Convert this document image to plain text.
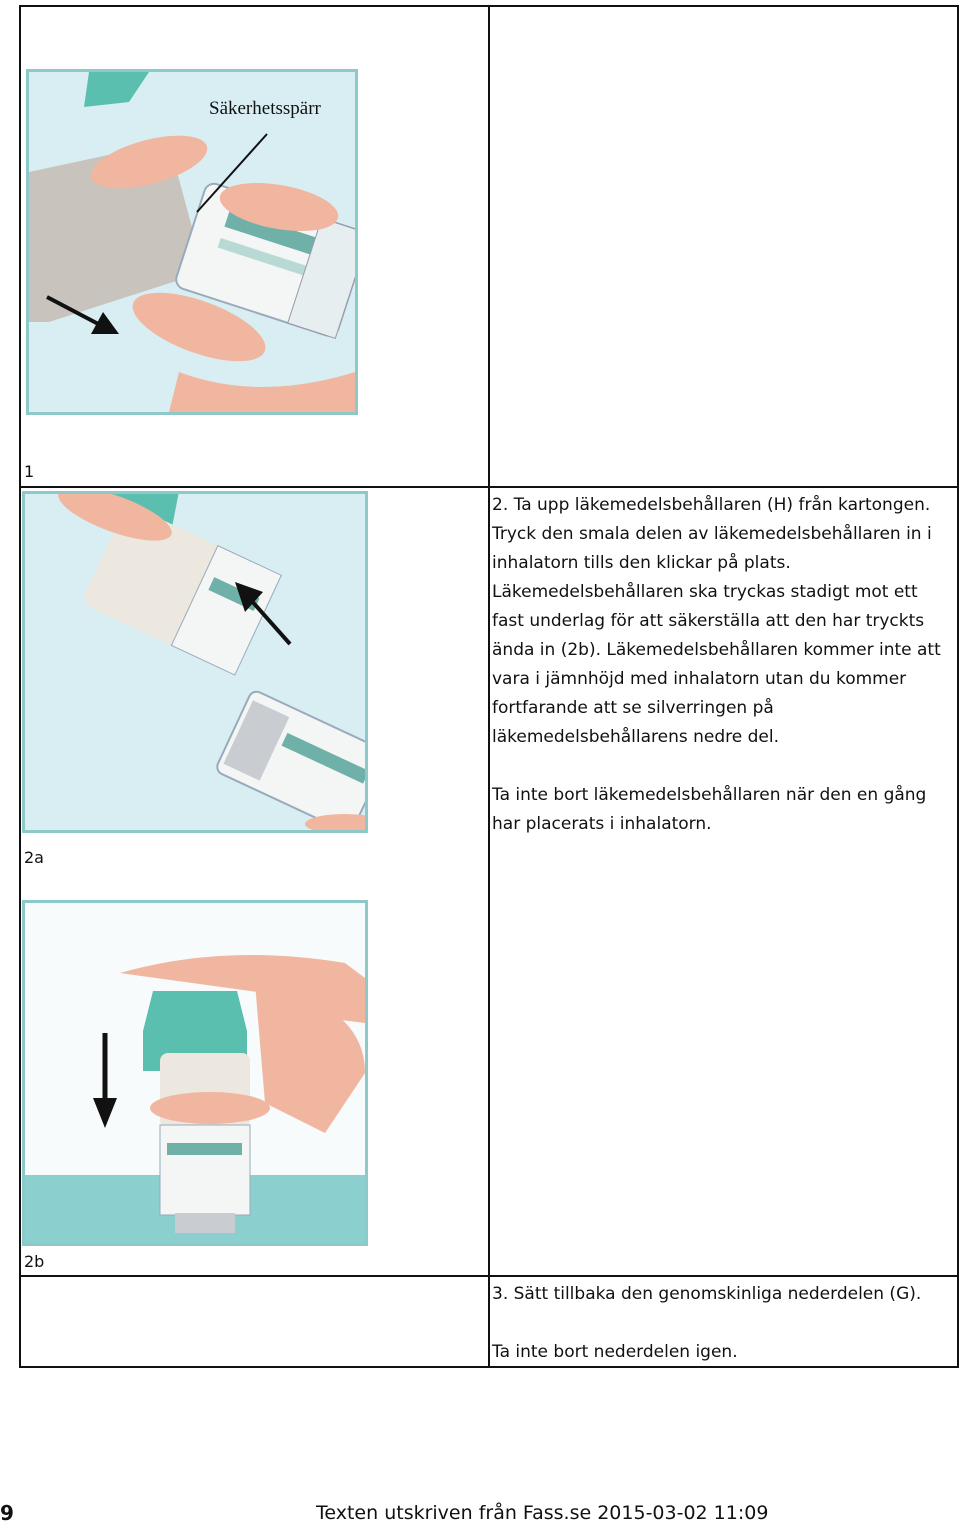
Säkerhetsspärr
1
2a
2b

2. Ta upp läkemedelsbehållaren (H) från kartongen. Tryck den smala delen av läkemedelsbehållaren in i inhalatorn tills den klickar på plats. Läkemedelsbehållaren ska tryckas stadigt mot ett fast underlag för att säkerställa att den har tryckts ända in (2b). Läkemedelsbehållaren kommer inte att vara i jämnhöjd med inhalatorn utan du kommer fortfarande att se silverringen på läkemedelsbehållarens nedre del.

Ta inte bort läkemedelsbehållaren när den en gång har placerats i inhalatorn.

3. Sätt tillbaka den genomskinliga nederdelen (G).

Ta inte bort nederdelen igen.

9	Texten utskriven från Fass.se 2015-03-02 11:09
